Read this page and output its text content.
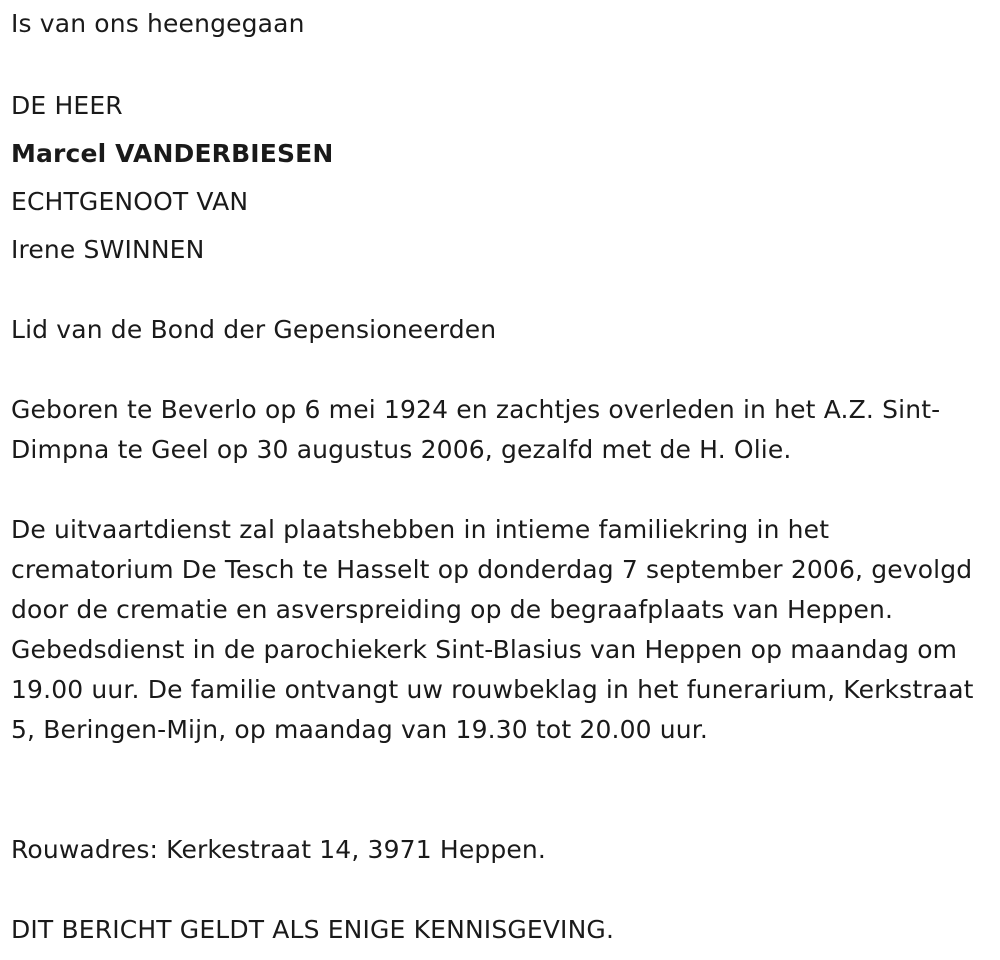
Is van ons heengegaan
DE HEER
Marcel VANDERBIESEN
ECHTGENOOT VAN
Irene SWINNEN
Lid van de Bond der Gepensioneerden
Geboren te Beverlo op 6 mei 1924 en zachtjes overleden in het A.Z. Sint-Dimpna te Geel op 30 augustus 2006, gezalfd met de H. Olie.
De uitvaartdienst zal plaatshebben in intieme familiekring in het crematorium De Tesch te Hasselt op donderdag 7 september 2006, gevolgd door de crematie en asverspreiding op de begraafplaats van Heppen. Gebedsdienst in de parochiekerk Sint-Blasius van Heppen op maandag om 19.00 uur. De familie ontvangt uw rouwbeklag in het funerarium, Kerkstraat 5, Beringen-Mijn, op maandag van 19.30 tot 20.00 uur.
Rouwadres: Kerkestraat 14, 3971 Heppen.
DIT BERICHT GELDT ALS ENIGE KENNISGEVING.
